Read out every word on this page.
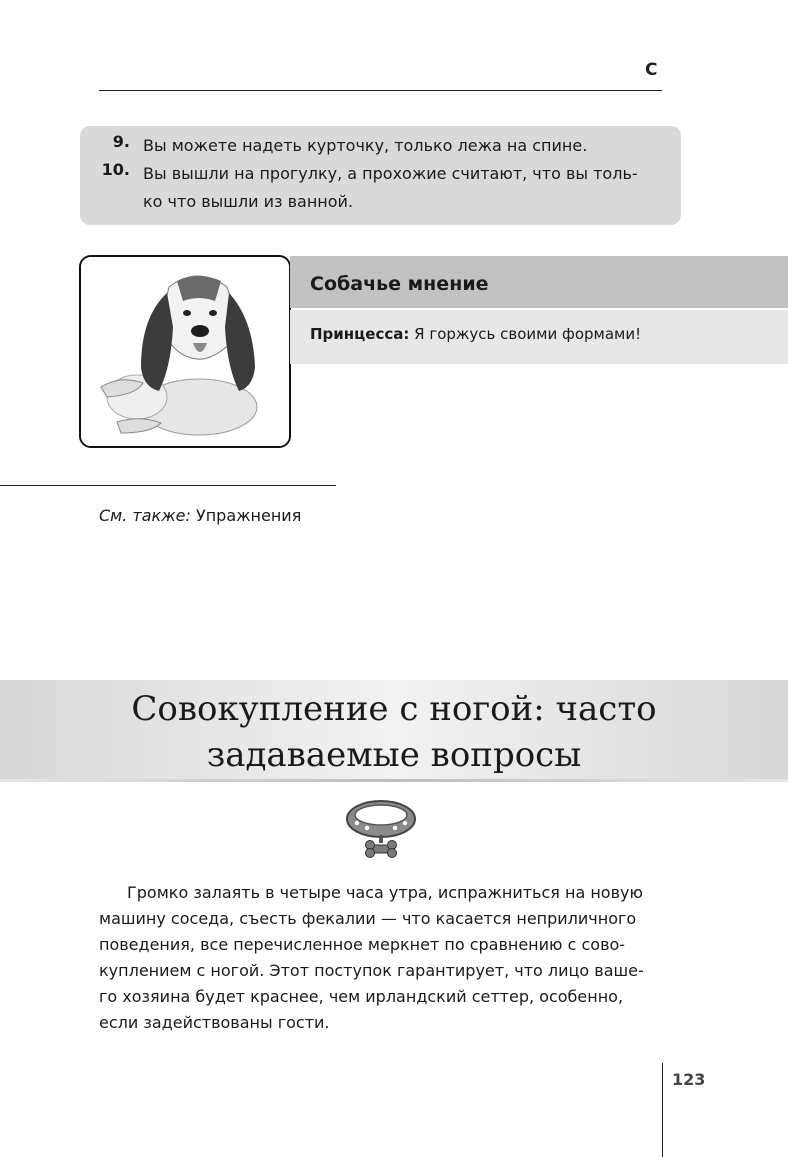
С
9. Вы можете надеть курточку, только лежа на спине.
10. Вы вышли на прогулку, а прохожие считают, что вы толь-
ко что вышли из ванной.
Собачье мнение
Принцесса: Я горжусь своими формами!
См. также: Упражнения
Совокупление с ногой: часто
задаваемые вопросы
Громко залаять в четыре часа утра, испражниться на новую
машину соседа, съесть фекалии — что касается неприличного
поведения, все перечисленное меркнет по сравнению с сово-
куплением с ногой. Этот поступок гарантирует, что лицо ваше-
го хозяина будет краснее, чем ирландский сеттер, особенно,
если задействованы гости.
123
